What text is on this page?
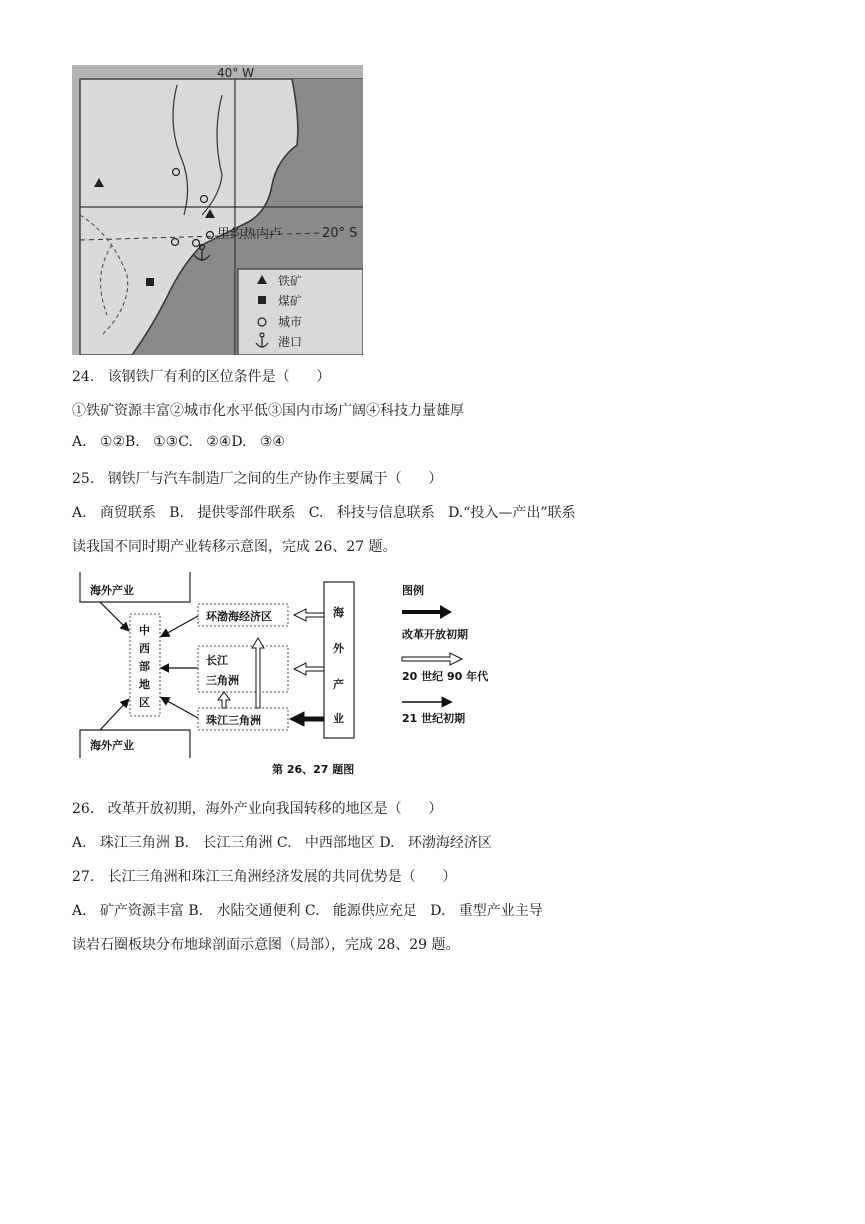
40° W
20° S
里约热内卢
铁矿
煤矿
城市
港口
24.   该钢铁厂有利的区位条件是（      ）
①铁矿资源丰富②城市化水平低③国内市场广阔④科技力量雄厚
A.   ①②B.   ①③C.   ②④D.   ③④
25.   钢铁厂与汽车制造厂之间的生产协作主要属于（      ）
A.   商贸联系   B.   提供零部件联系   C.   科技与信息联系   D.“投入—产出”联系
读我国不同时期产业转移示意图，完成 26、27 题。
海外产业
海外产业
中
西
部
地
区
环渤海经济区
长江
三角洲
珠江三角洲
海
外
产
业
图例
改革开放初期
20 世纪 90 年代
21 世纪初期
第 26、27 题图
26.   改革开放初期，海外产业向我国转移的地区是（      ）
A.   珠江三角洲 B.   长江三角洲 C.   中西部地区 D.   环渤海经济区
27.   长江三角洲和珠江三角洲经济发展的共同优势是（      ）
A.   矿产资源丰富 B.   水陆交通便利 C.   能源供应充足   D.   重型产业主导
读岩石圈板块分布地球剖面示意图（局部），完成 28、29 题。
